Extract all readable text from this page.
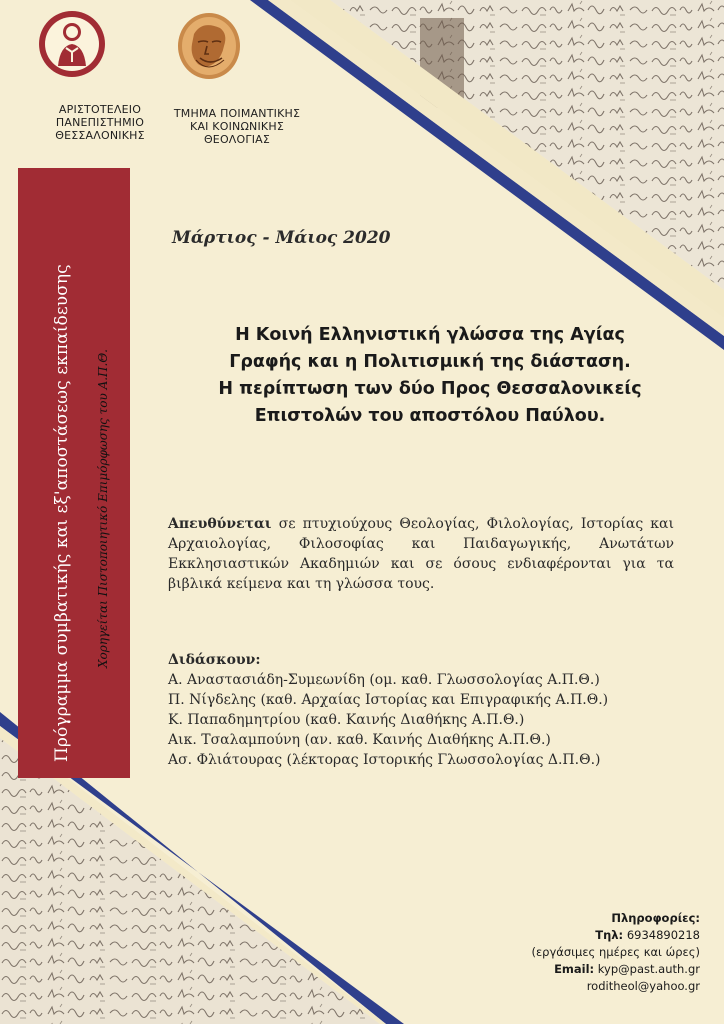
ΑΡΙΣΤΟΤΕΛΕΙΟ
ΠΑΝΕΠΙΣΤΗΜΙΟ
ΘΕΣΣΑΛΟΝΙΚΗΣ
ΤΜΗΜΑ ΠΟΙΜΑΝΤΙΚΗΣ
ΚΑΙ ΚΟΙΝΩΝΙΚΗΣ
ΘΕΟΛΟΓΙΑΣ
Πρόγραμμα συμβατικής και εξ'αποστάσεως εκπαίδευσης Χορηγείται Πιστοποιητικό Επιμόρφωσης του Α.Π.Θ.
Μάρτιος - Μάιος 2020
Η Κοινή Ελληνιστική γλώσσα της Αγίας
Γραφής και η Πολιτισμική της διάσταση.
Η περίπτωση των δύο Προς Θεσσαλονικείς
Επιστολών του αποστόλου Παύλου.
Απευθύνεται σε πτυχιούχους Θεολογίας, Φιλολογίας, Ιστορίας και Αρχαιολογίας, Φιλοσοφίας και Παιδαγωγικής, Ανωτάτων Εκκλησιαστικών Ακαδημιών και σε όσους ενδιαφέρονται για τα βιβλικά κείμενα και τη γλώσσα τους.
Διδάσκουν:
Α. Αναστασιάδη-Συμεωνίδη (ομ. καθ. Γλωσσολογίας Α.Π.Θ.)
Π. Νίγδελης (καθ. Αρχαίας Ιστορίας και Επιγραφικής Α.Π.Θ.)
Κ. Παπαδημητρίου (καθ. Καινής Διαθήκης Α.Π.Θ.)
Αικ. Τσαλαμπούνη (αν. καθ. Καινής Διαθήκης Α.Π.Θ.)
Ασ. Φλιάτουρας (λέκτορας Ιστορικής Γλωσσολογίας Δ.Π.Θ.)
Πληροφορίες:
Τηλ: 6934890218
(εργάσιμες ημέρες και ώρες)
Email: kyp@past.auth.gr
roditheol@yahoo.gr
